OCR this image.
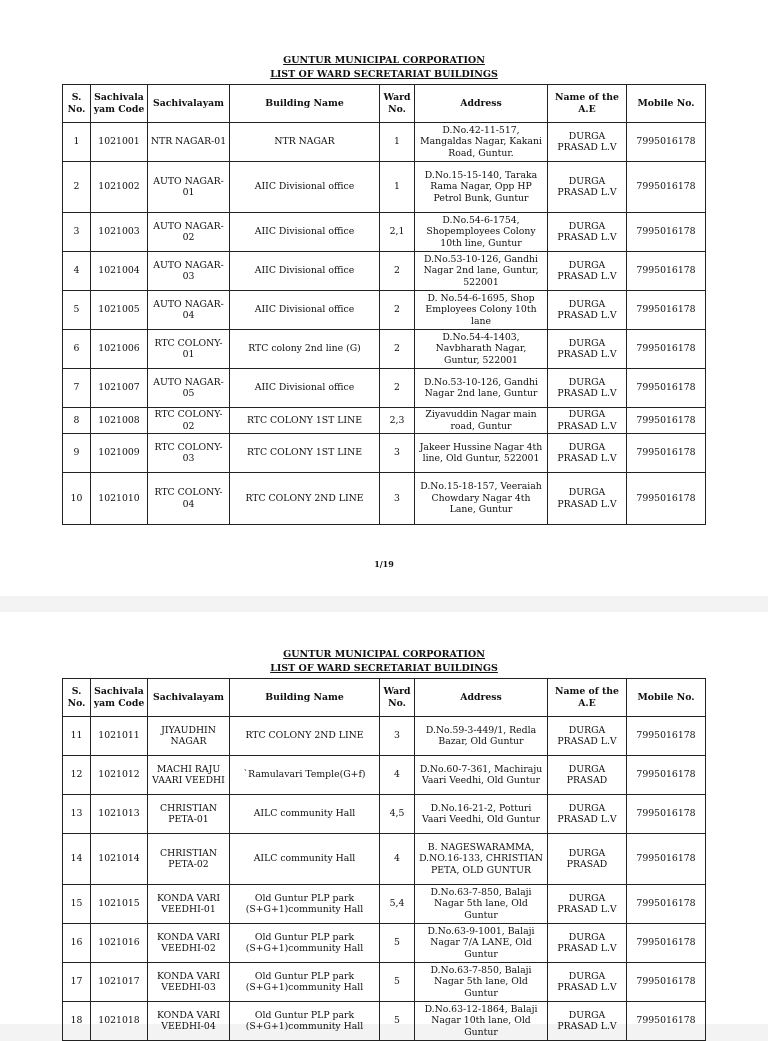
GUNTUR MUNICIPAL CORPORATION
LIST OF WARD SECRETARIAT BUILDINGS
S. No.	Sachivala yam Code	Sachivalayam	Building Name	Ward No.	Address	Name of the A.E	Mobile No.
1	1021001	NTR NAGAR-01	NTR NAGAR	1	D.No.42-11-517, Mangaldas Nagar, Kakani Road, Guntur.	DURGA PRASAD L.V	7995016178
2	1021002	AUTO NAGAR-01	AIIC Divisional office	1	D.No.15-15-140, Taraka Rama Nagar, Opp HP Petrol Bunk, Guntur	DURGA PRASAD L.V	7995016178
3	1021003	AUTO NAGAR-02	AIIC Divisional office	2,1	D.No.54-6-1754, Shopemployees Colony 10th line, Guntur	DURGA PRASAD L.V	7995016178
4	1021004	AUTO NAGAR-03	AIIC Divisional office	2	D.No.53-10-126, Gandhi Nagar 2nd lane, Guntur, 522001	DURGA PRASAD L.V	7995016178
5	1021005	AUTO NAGAR-04	AIIC Divisional office	2	D. No.54-6-1695, Shop Employees Colony 10th lane	DURGA PRASAD L.V	7995016178
6	1021006	RTC COLONY-01	RTC colony 2nd line (G)	2	D.No.54-4-1403, Navbharath Nagar, Guntur, 522001	DURGA PRASAD L.V	7995016178
7	1021007	AUTO NAGAR-05	AIIC Divisional office	2	D.No.53-10-126, Gandhi Nagar 2nd lane, Guntur	DURGA PRASAD L.V	7995016178
8	1021008	RTC COLONY-02	RTC COLONY 1ST LINE	2,3	Ziyavuddin Nagar main road, Guntur	DURGA PRASAD L.V	7995016178
9	1021009	RTC COLONY-03	RTC COLONY 1ST LINE	3	Jakeer Hussine Nagar 4th line, Old Guntur, 522001	DURGA PRASAD L.V	7995016178
10	1021010	RTC COLONY-04	RTC COLONY 2ND LINE	3	D.No.15-18-157, Veeraiah Chowdary Nagar 4th Lane, Guntur	DURGA PRASAD L.V	7995016178
1/19
GUNTUR MUNICIPAL CORPORATION
LIST OF WARD SECRETARIAT BUILDINGS
S. No.	Sachivala yam Code	Sachivalayam	Building Name	Ward No.	Address	Name of the A.E	Mobile No.
11	1021011	JIYAUDHIN NAGAR	RTC COLONY 2ND LINE	3	D.No.59-3-449/1, Redla Bazar, Old Guntur	DURGA PRASAD L.V	7995016178
12	1021012	MACHI RAJU VAARI VEEDHI	`Ramulavari Temple(G+f)	4	D.No.60-7-361, Machiraju Vaari Veedhi, Old Guntur	DURGA PRASAD	7995016178
13	1021013	CHRISTIAN PETA-01	AILC community Hall	4,5	D.No.16-21-2, Potturi Vaari Veedhi, Old Guntur	DURGA PRASAD L.V	7995016178
14	1021014	CHRISTIAN PETA-02	AILC community Hall	4	B. NAGESWARAMMA, D.NO.16-133, CHRISTIAN PETA, OLD GUNTUR	DURGA PRASAD	7995016178
15	1021015	KONDA VARI VEEDHI-01	Old Guntur PLP park (S+G+1)community Hall	5,4	D.No.63-7-850, Balaji Nagar 5th lane, Old Guntur	DURGA PRASAD L.V	7995016178
16	1021016	KONDA VARI VEEDHI-02	Old Guntur PLP park (S+G+1)community Hall	5	D.No.63-9-1001, Balaji Nagar 7/A LANE, Old Guntur	DURGA PRASAD L.V	7995016178
17	1021017	KONDA VARI VEEDHI-03	Old Guntur PLP park (S+G+1)community Hall	5	D.No.63-7-850, Balaji Nagar 5th lane, Old Guntur	DURGA PRASAD L.V	7995016178
18	1021018	KONDA VARI VEEDHI-04	Old Guntur PLP park (S+G+1)community Hall	5	D.No.63-12-1864, Balaji Nagar 10th lane, Old Guntur	DURGA PRASAD L.V	7995016178
